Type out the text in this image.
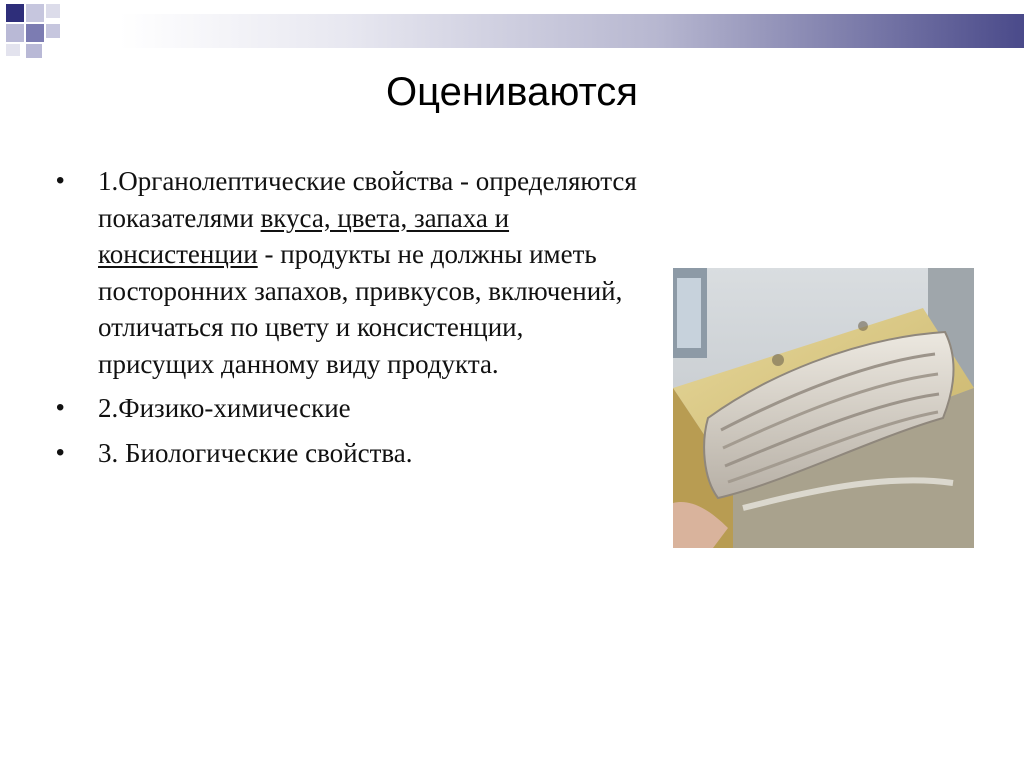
Оцениваются
•	1.Органолептические свойства - определяются показателями вкуса, цвета, запаха и консистенции - продукты не должны иметь посторонних запахов, привкусов, включений, отличаться по цвету и консистенции, присущих данному виду продукта.
•	2.Физико-химические
•	3. Биологические свойства.
